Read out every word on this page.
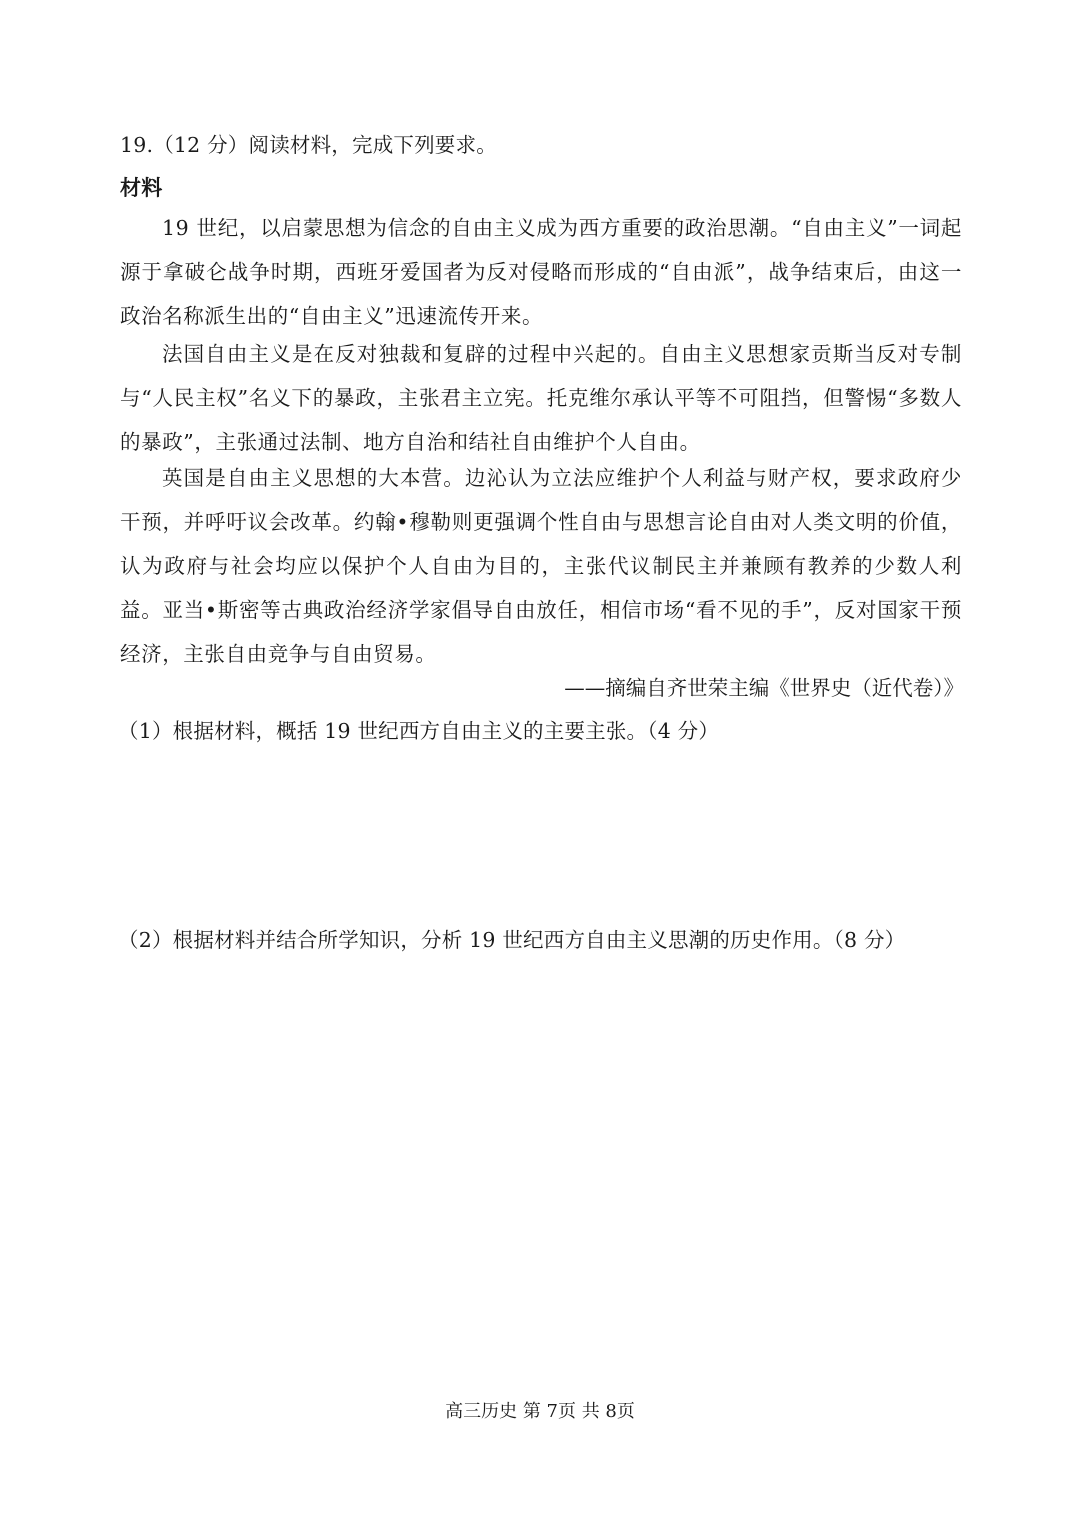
19.（12 分）阅读材料，完成下列要求。
材料
19 世纪，以启蒙思想为信念的自由主义成为西方重要的政治思潮。“自由主义”一词起源于拿破仑战争时期，西班牙爱国者为反对侵略而形成的“自由派”，战争结束后，由这一政治名称派生出的“自由主义”迅速流传开来。
法国自由主义是在反对独裁和复辟的过程中兴起的。自由主义思想家贡斯当反对专制与“人民主权”名义下的暴政，主张君主立宪。托克维尔承认平等不可阻挡，但警惕“多数人的暴政”，主张通过法制、地方自治和结社自由维护个人自由。
英国是自由主义思想的大本营。边沁认为立法应维护个人利益与财产权，要求政府少干预，并呼吁议会改革。约翰•穆勒则更强调个性自由与思想言论自由对人类文明的价值，认为政府与社会均应以保护个人自由为目的，主张代议制民主并兼顾有教养的少数人利益。亚当•斯密等古典政治经济学家倡导自由放任，相信市场“看不见的手”，反对国家干预经济，主张自由竞争与自由贸易。
——摘编自齐世荣主编《世界史（近代卷）》
（1）根据材料，概括 19 世纪西方自由主义的主要主张。（4 分）
（2）根据材料并结合所学知识，分析 19 世纪西方自由主义思潮的历史作用。（8 分）
高三历史 第 7页 共 8页
